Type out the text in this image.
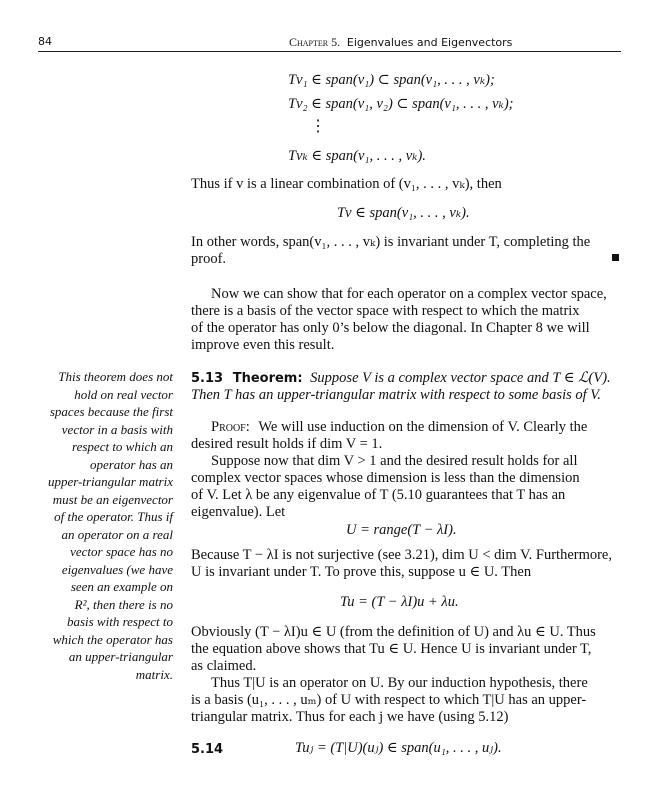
84	Chapter 5. Eigenvalues and Eigenvectors
Tv₁ ∈ span(v₁) ⊂ span(v₁, . . . , vₖ);
Tv₂ ∈ span(v₁, v₂) ⊂ span(v₁, . . . , vₖ);
⋮
Tvₖ ∈ span(v₁, . . . , vₖ).
Thus if v is a linear combination of (v₁, . . . , vₖ), then
Tv ∈ span(v₁, . . . , vₖ).
In other words, span(v₁, . . . , vₖ) is invariant under T, completing the
proof.
Now we can show that for each operator on a complex vector space,
there is a basis of the vector space with respect to which the matrix
of the operator has only 0’s below the diagonal. In Chapter 8 we will
improve even this result.
5.13 Theorem: Suppose V is a complex vector space and T ∈ ℒ(V).
Then T has an upper-triangular matrix with respect to some basis of V.
Proof: We will use induction on the dimension of V. Clearly the
desired result holds if dim V = 1.
Suppose now that dim V > 1 and the desired result holds for all
complex vector spaces whose dimension is less than the dimension
of V. Let λ be any eigenvalue of T (5.10 guarantees that T has an
eigenvalue). Let
U = range(T − λI).
Because T − λI is not surjective (see 3.21), dim U < dim V. Furthermore,
U is invariant under T. To prove this, suppose u ∈ U. Then
Tu = (T − λI)u + λu.
Obviously (T − λI)u ∈ U (from the definition of U) and λu ∈ U. Thus
the equation above shows that Tu ∈ U. Hence U is invariant under T,
as claimed.
Thus T|U is an operator on U. By our induction hypothesis, there
is a basis (u₁, . . . , uₘ) of U with respect to which T|U has an upper-
triangular matrix. Thus for each j we have (using 5.12)
5.14	Tuⱼ = (T|U)(uⱼ) ∈ span(u₁, . . . , uⱼ).
This theorem does not
hold on real vector
spaces because the first
vector in a basis with
respect to which an
operator has an
upper-triangular matrix
must be an eigenvector
of the operator. Thus if
an operator on a real
vector space has no
eigenvalues (we have
seen an example on
R², then there is no
basis with respect to
which the operator has
an upper-triangular
matrix.
